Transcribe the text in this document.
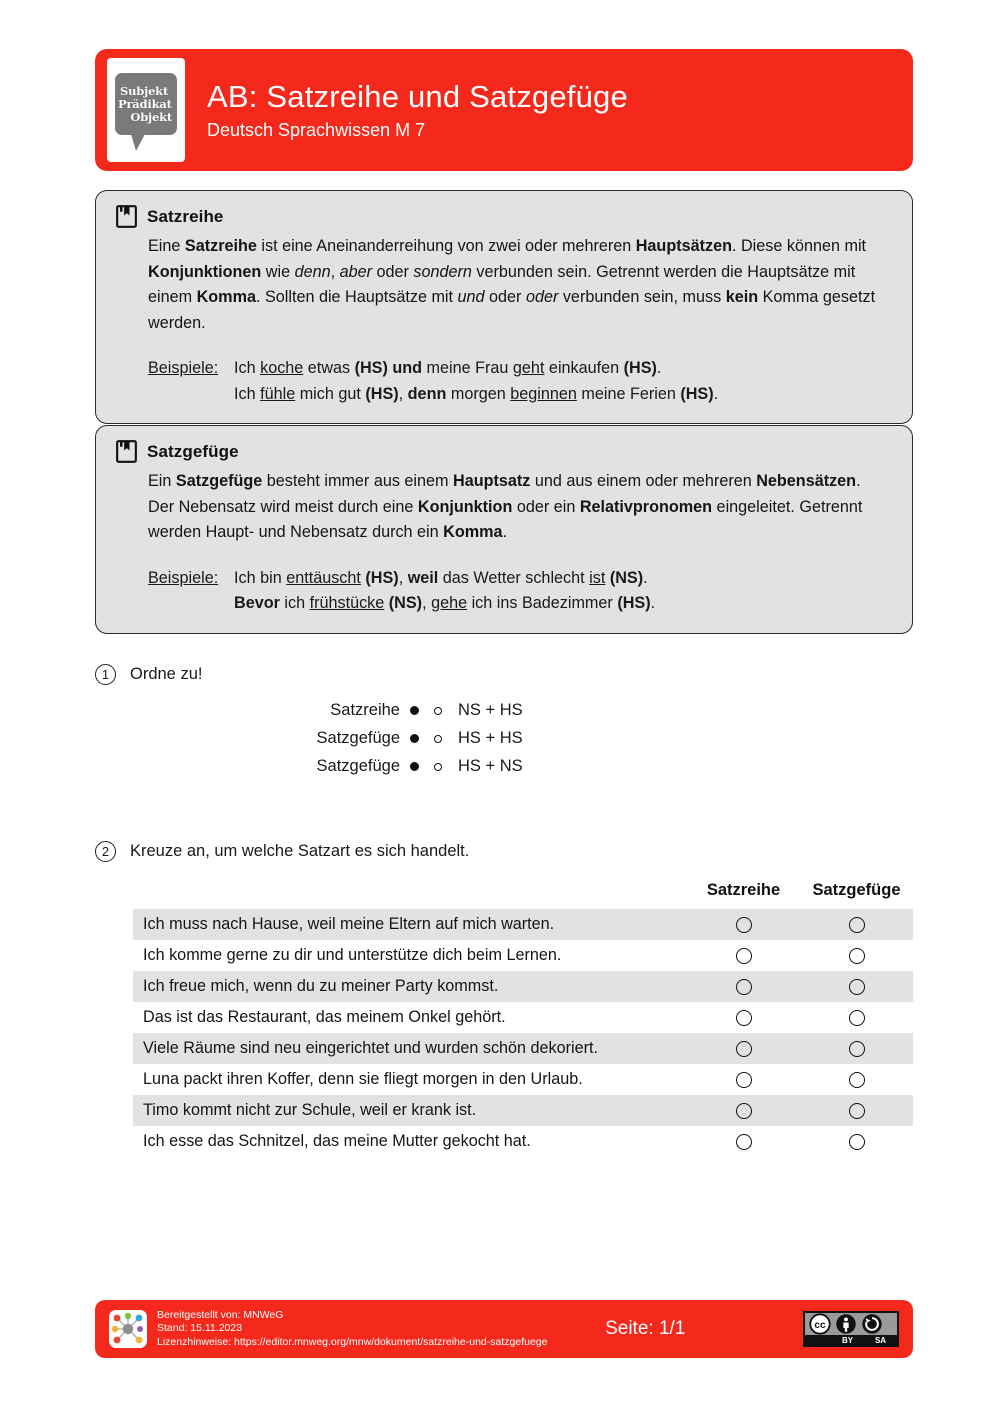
Subjekt
Prädikat
Objekt
AB: Satzreihe und Satzgefüge
Deutsch Sprachwissen M 7
Satzreihe
Eine Satzreihe ist eine Aneinanderreihung von zwei oder mehreren Hauptsätzen. Diese können mit Konjunktionen wie denn, aber oder sondern verbunden sein. Getrennt werden die Hauptsätze mit einem Komma. Sollten die Hauptsätze mit und oder oder verbunden sein, muss kein Komma gesetzt werden.
Beispiele: Ich koche etwas (HS) und meine Frau geht einkaufen (HS).
Ich fühle mich gut (HS), denn morgen beginnen meine Ferien (HS).
Satzgefüge
Ein Satzgefüge besteht immer aus einem Hauptsatz und aus einem oder mehreren Nebensätzen. Der Nebensatz wird meist durch eine Konjunktion oder ein Relativpronomen eingeleitet. Getrennt werden Haupt- und Nebensatz durch ein Komma.
Beispiele: Ich bin enttäuscht (HS), weil das Wetter schlecht ist (NS).
Bevor ich frühstücke (NS), gehe ich ins Badezimmer (HS).
1	Ordne zu!
Satzreihe	NS + HS
Satzgefüge	HS + HS
Satzgefüge	HS + NS
2	Kreuze an, um welche Satzart es sich handelt.
	Satzreihe	Satzgefüge
Ich muss nach Hause, weil meine Eltern auf mich warten.		
Ich komme gerne zu dir und unterstütze dich beim Lernen.		
Ich freue mich, wenn du zu meiner Party kommst.		
Das ist das Restaurant, das meinem Onkel gehört.		
Viele Räume sind neu eingerichtet und wurden schön dekoriert.		
Luna packt ihren Koffer, denn sie fliegt morgen in den Urlaub.		
Timo kommt nicht zur Schule, weil er krank ist.		
Ich esse das Schnitzel, das meine Mutter gekocht hat.		
Bereitgestellt von: MNWeG
Stand: 15.11.2023
Lizenzhinweise: https://editor.mnweg.org/mnw/dokument/satzreihe-und-satzgefuege
Seite: 1/1	cc
BY	SA
